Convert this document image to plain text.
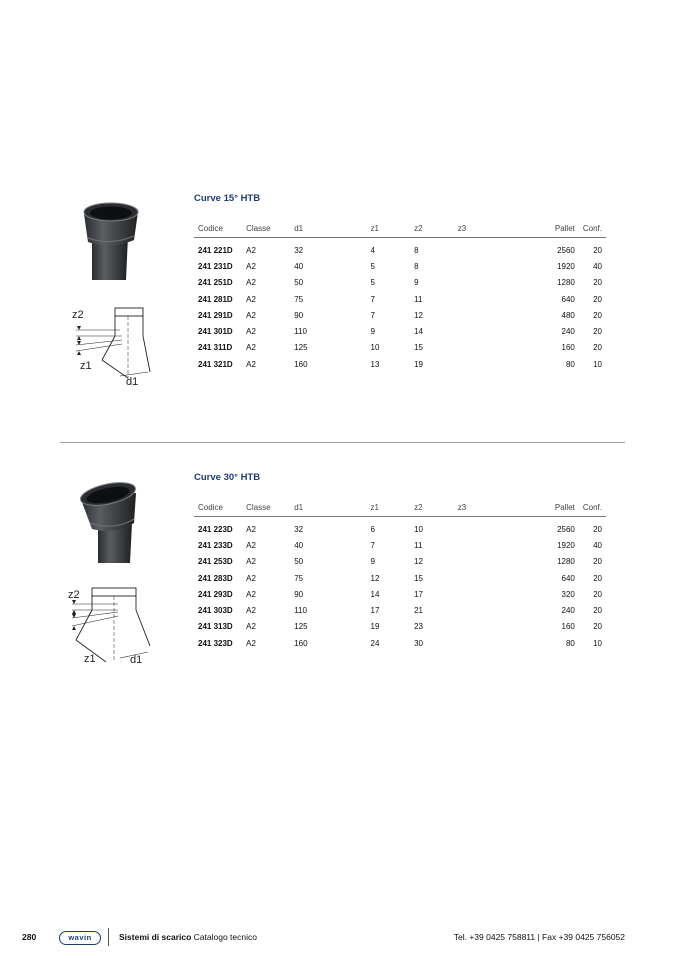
Curve 15° HTB
z2
z1
d1
Codice	Classe	d1	z1	z2	z3	Pallet	Conf.
241 221D	A2	32	4	8		2560	20
241 231D	A2	40	5	8		1920	40
241 251D	A2	50	5	9		1280	20
241 281D	A2	75	7	11		640	20
241 291D	A2	90	7	12		480	20
241 301D	A2	110	9	14		240	20
241 311D	A2	125	10	15		160	20
241 321D	A2	160	13	19		80	10
Curve 30° HTB
z2
z1	d1
Codice	Classe	d1	z1	z2	z3	Pallet	Conf.
241 223D	A2	32	6	10		2560	20
241 233D	A2	40	7	11		1920	40
241 253D	A2	50	9	12		1280	20
241 283D	A2	75	12	15		640	20
241 293D	A2	90	14	17		320	20
241 303D	A2	110	17	21		240	20
241 313D	A2	125	19	23		160	20
241 323D	A2	160	24	30		80	10
280	wavin	Sistemi di scarico Catalogo tecnico	Tel. +39 0425 758811 | Fax +39 0425 756052
